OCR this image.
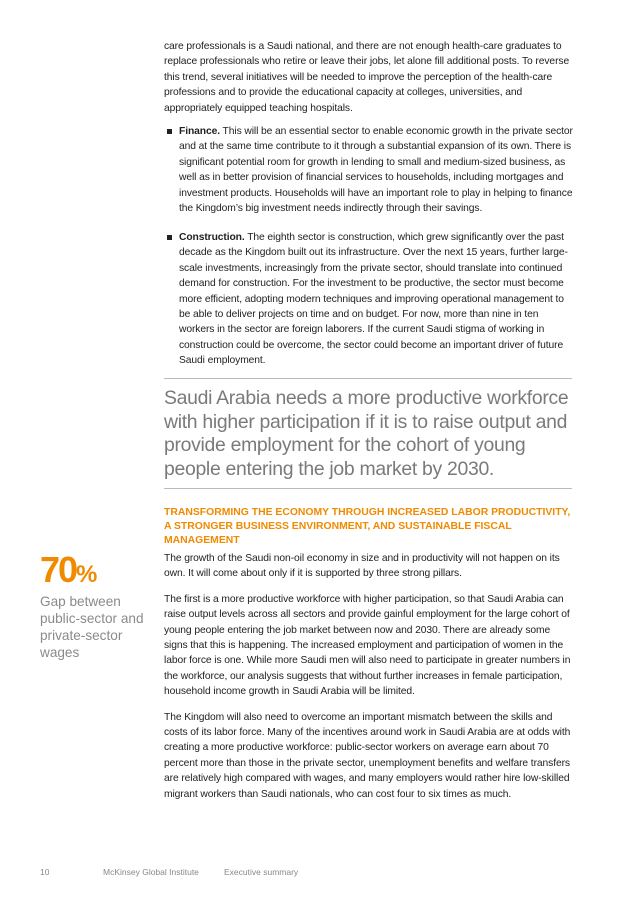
care professionals is a Saudi national, and there are not enough health-care graduates to replace professionals who retire or leave their jobs, let alone fill additional posts. To reverse this trend, several initiatives will be needed to improve the perception of the health-care professions and to provide the educational capacity at colleges, universities, and appropriately equipped teaching hospitals.

Finance. This will be an essential sector to enable economic growth in the private sector and at the same time contribute to it through a substantial expansion of its own. There is significant potential room for growth in lending to small and medium-sized business, as well as in better provision of financial services to households, including mortgages and investment products. Households will have an important role to play in helping to finance the Kingdom’s big investment needs indirectly through their savings.
Construction. The eighth sector is construction, which grew significantly over the past decade as the Kingdom built out its infrastructure. Over the next 15 years, further large-scale investments, increasingly from the private sector, should translate into continued demand for construction. For the investment to be productive, the sector must become more efficient, adopting modern techniques and improving operational management to be able to deliver projects on time and on budget. For now, more than nine in ten workers in the sector are foreign laborers. If the current Saudi stigma of working in construction could be overcome, the sector could become an important driver of future Saudi employment.
Saudi Arabia needs a more productive workforce with higher participation if it is to raise output and provide employment for the cohort of young people entering the job market by 2030.
TRANSFORMING THE ECONOMY THROUGH INCREASED LABOR PRODUCTIVITY, A STRONGER BUSINESS ENVIRONMENT, AND SUSTAINABLE FISCAL MANAGEMENT

The growth of the Saudi non-oil economy in size and in productivity will not happen on its own. It will come about only if it is supported by three strong pillars.

The first is a more productive workforce with higher participation, so that Saudi Arabia can raise output levels across all sectors and provide gainful employment for the large cohort of young people entering the job market between now and 2030. There are already some signs that this is happening. The increased employment and participation of women in the labor force is one. While more Saudi men will also need to participate in greater numbers in the workforce, our analysis suggests that without further increases in female participation, household income growth in Saudi Arabia will be limited.

The Kingdom will also need to overcome an important mismatch between the skills and costs of its labor force. Many of the incentives around work in Saudi Arabia are at odds with creating a more productive workforce: public-sector workers on average earn about 70 percent more than those in the private sector, unemployment benefits and welfare transfers are relatively high compared with wages, and many employers would rather hire low-skilled migrant workers than Saudi nationals, who can cost four to six times as much.

70%
Gap between public-sector and private-sector wages
10	McKinsey Global Institute	Executive summary
